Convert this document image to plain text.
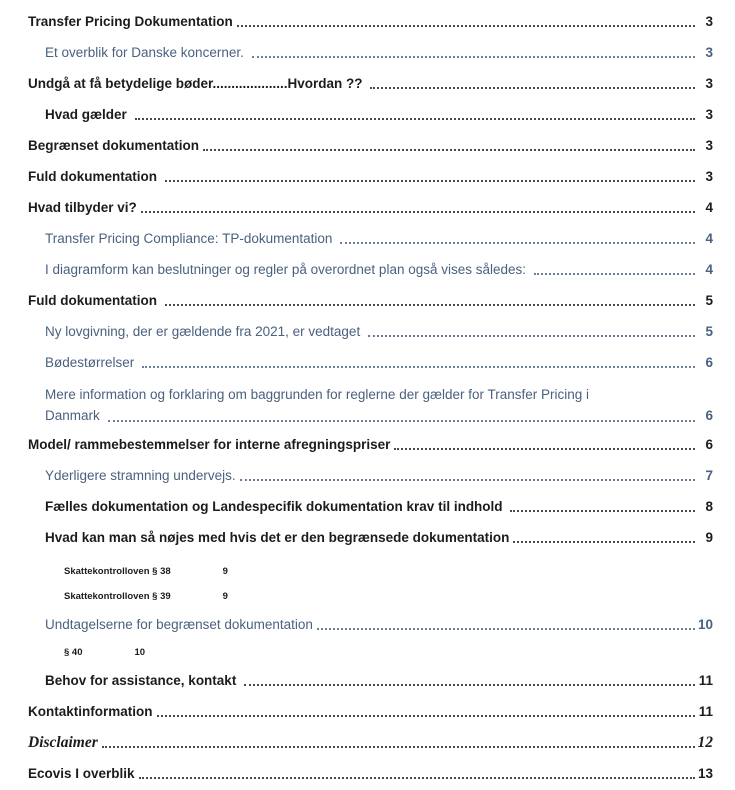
Transfer Pricing Dokumentation	3
Et overblik for Danske koncerner.	3
Undgå at få betydelige bøder....................Hvordan ??	3
Hvad gælder	3
Begrænset dokumentation	3
Fuld dokumentation	3
Hvad tilbyder vi?	4
Transfer Pricing Compliance: TP-dokumentation	4
I diagramform kan beslutninger og regler på overordnet plan også vises således:	4
Fuld dokumentation	5
Ny lovgivning, der er gældende fra 2021, er vedtaget	5
Bødestørrelser	6
Mere information og forklaring om baggrunden for reglerne der gælder for Transfer Pricing i
Danmark	6
Model/ rammebestemmelser for interne afregningspriser	6
Yderligere stramning undervejs.	7
Fælles dokumentation og Landespecifik dokumentation krav til indhold	8
Hvad kan man så nøjes med hvis det er den begrænsede dokumentation	9
Skattekontrolloven § 38	9
Skattekontrolloven § 39	9
Undtagelserne for begrænset dokumentation	10
§ 40	10
Behov for assistance, kontakt	11
Kontaktinformation	11
Disclaimer	12
Ecovis I overblik	13
